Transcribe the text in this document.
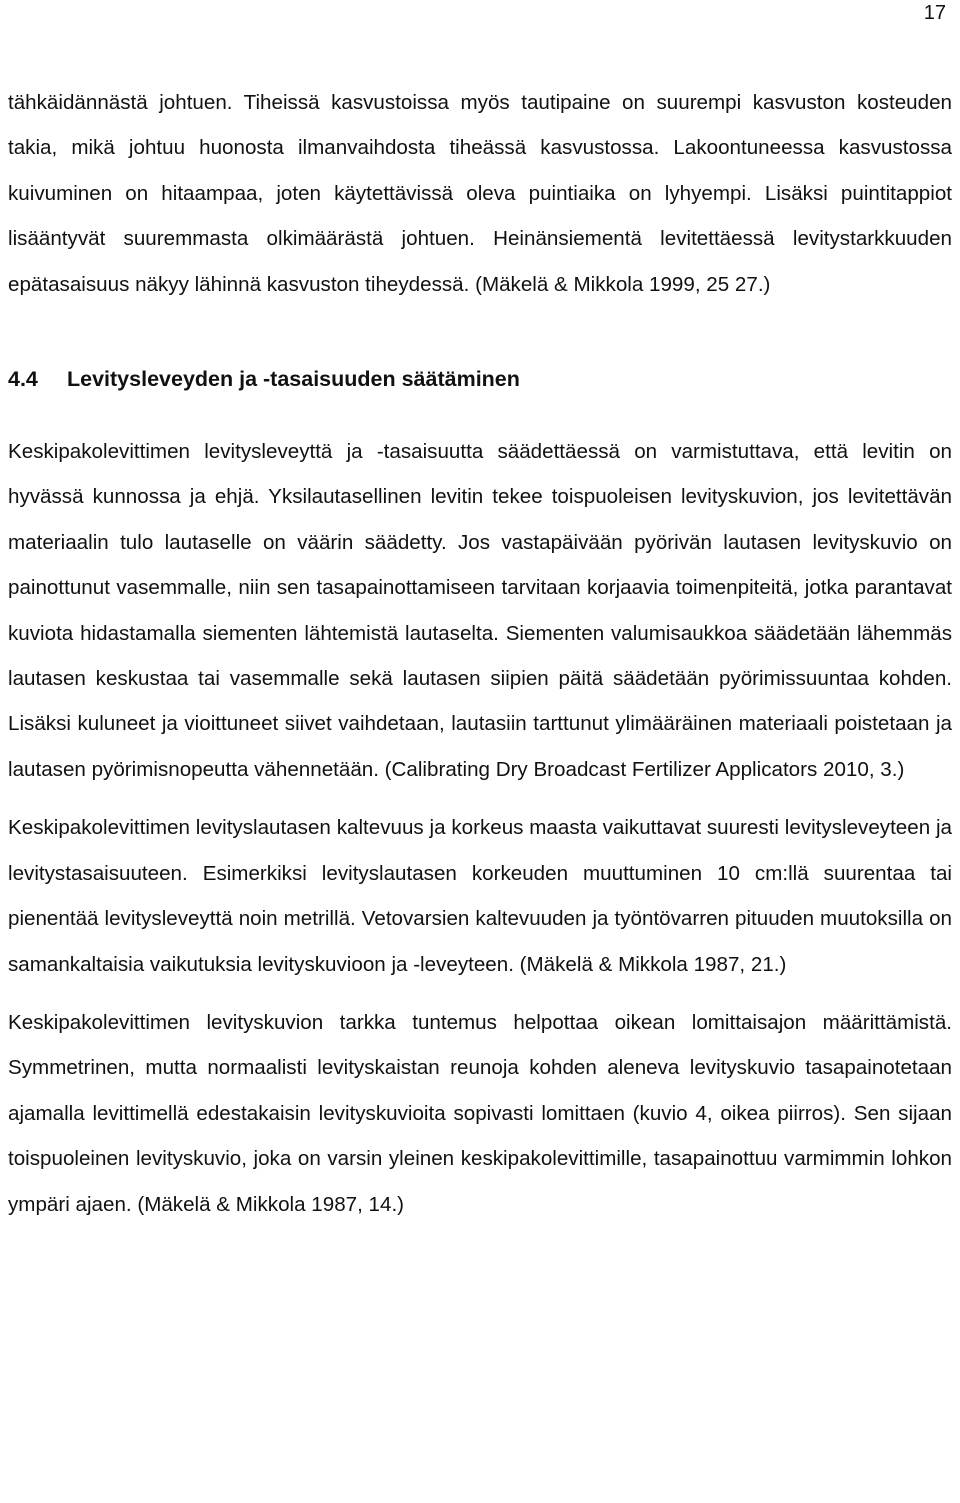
17

tähkäidännästä johtuen. Tiheissä kasvustoissa myös tautipaine on suurempi kasvuston kosteuden takia, mikä johtuu huonosta ilmanvaihdosta tiheässä kasvustossa. Lakoontuneessa kasvustossa kuivuminen on hitaampaa, joten käytettävissä oleva puintiaika on lyhyempi. Lisäksi puintitappiot lisääntyvät suuremmasta olkimäärästä johtuen. Heinänsiementä levitettäessä levitystarkkuuden epätasaisuus näkyy lähinnä kasvuston tiheydessä. (Mäkelä & Mikkola 1999, 25 27.)

4.4 Levitysleveyden ja -tasaisuuden säätäminen

Keskipakolevittimen levitysleveyttä ja -tasaisuutta säädettäessä on varmistuttava, että levitin on hyvässä kunnossa ja ehjä. Yksilautasellinen levitin tekee toispuoleisen levityskuvion, jos levitettävän materiaalin tulo lautaselle on väärin säädetty. Jos vastapäivään pyörivän lautasen levityskuvio on painottunut vasemmalle, niin sen tasapainottamiseen tarvitaan korjaavia toimenpiteitä, jotka parantavat kuviota hidastamalla siementen lähtemistä lautaselta. Siementen valumisaukkoa säädetään lähemmäs lautasen keskustaa tai vasemmalle sekä lautasen siipien päitä säädetään pyörimissuuntaa kohden. Lisäksi kuluneet ja vioittuneet siivet vaihdetaan, lautasiin tarttunut ylimääräinen materiaali poistetaan ja lautasen pyörimisnopeutta vähennetään. (Calibrating Dry Broadcast Fertilizer Applicators 2010, 3.)

Keskipakolevittimen levityslautasen kaltevuus ja korkeus maasta vaikuttavat suuresti levitysleveyteen ja levitystasaisuuteen. Esimerkiksi levityslautasen korkeuden muuttuminen 10 cm:llä suurentaa tai pienentää levitysleveyttä noin metrillä. Vetovarsien kaltevuuden ja työntövarren pituuden muutoksilla on samankaltaisia vaikutuksia levityskuvioon ja -leveyteen. (Mäkelä & Mikkola 1987, 21.)

Keskipakolevittimen levityskuvion tarkka tuntemus helpottaa oikean lomittaisajon määrittämistä. Symmetrinen, mutta normaalisti levityskaistan reunoja kohden aleneva levityskuvio tasapainotetaan ajamalla levittimellä edestakaisin levityskuvioita sopivasti lomittaen (kuvio 4, oikea piirros). Sen sijaan toispuoleinen levityskuvio, joka on varsin yleinen keskipakolevittimille, tasapainottuu varmimmin lohkon ympäri ajaen. (Mäkelä & Mikkola 1987, 14.)
